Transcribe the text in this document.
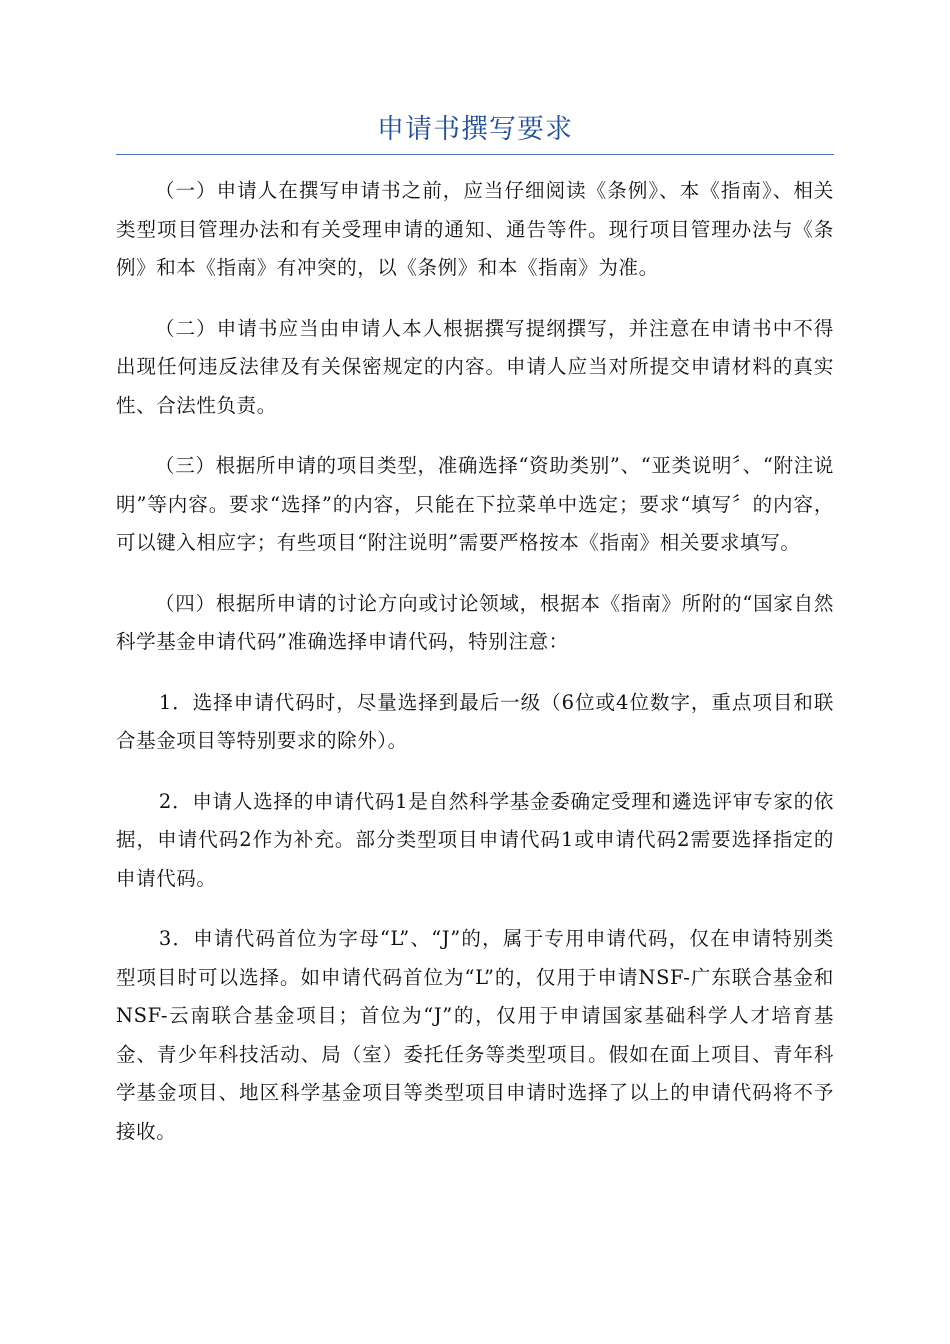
申请书撰写要求

（一）申请人在撰写申请书之前，应当仔细阅读《条例》、本《指南》、相关类型项目管理办法和有关受理申请的通知、通告等件。现行项目管理办法与《条例》和本《指南》有冲突的，以《条例》和本《指南》为准。

（二）申请书应当由申请人本人根据撰写提纲撰写，并注意在申请书中不得出现任何违反法律及有关保密规定的内容。申请人应当对所提交申请材料的真实性、合法性负责。

（三）根据所申请的项目类型，准确选择“资助类别”、“亚类说明〞、“附注说明”等内容。要求“选择”的内容，只能在下拉菜单中选定；要求“填写〞的内容，可以键入相应字；有些项目“附注说明”需要严格按本《指南》相关要求填写。

（四）根据所申请的讨论方向或讨论领域，根据本《指南》所附的“国家自然科学基金申请代码”准确选择申请代码，特别注意：

1．选择申请代码时，尽量选择到最后一级（6位或4位数字，重点项目和联合基金项目等特别要求的除外）。

2．申请人选择的申请代码1是自然科学基金委确定受理和遴选评审专家的依据，申请代码2作为补充。部分类型项目申请代码1或申请代码2需要选择指定的申请代码。

3．申请代码首位为字母“L”、“J”的，属于专用申请代码，仅在申请特别类型项目时可以选择。如申请代码首位为“L”的，仅用于申请NSF-广东联合基金和NSF-云南联合基金项目；首位为“J”的，仅用于申请国家基础科学人才培育基金、青少年科技活动、局（室）委托任务等类型项目。假如在面上项目、青年科学基金项目、地区科学基金项目等类型项目申请时选择了以上的申请代码将不予接收。
